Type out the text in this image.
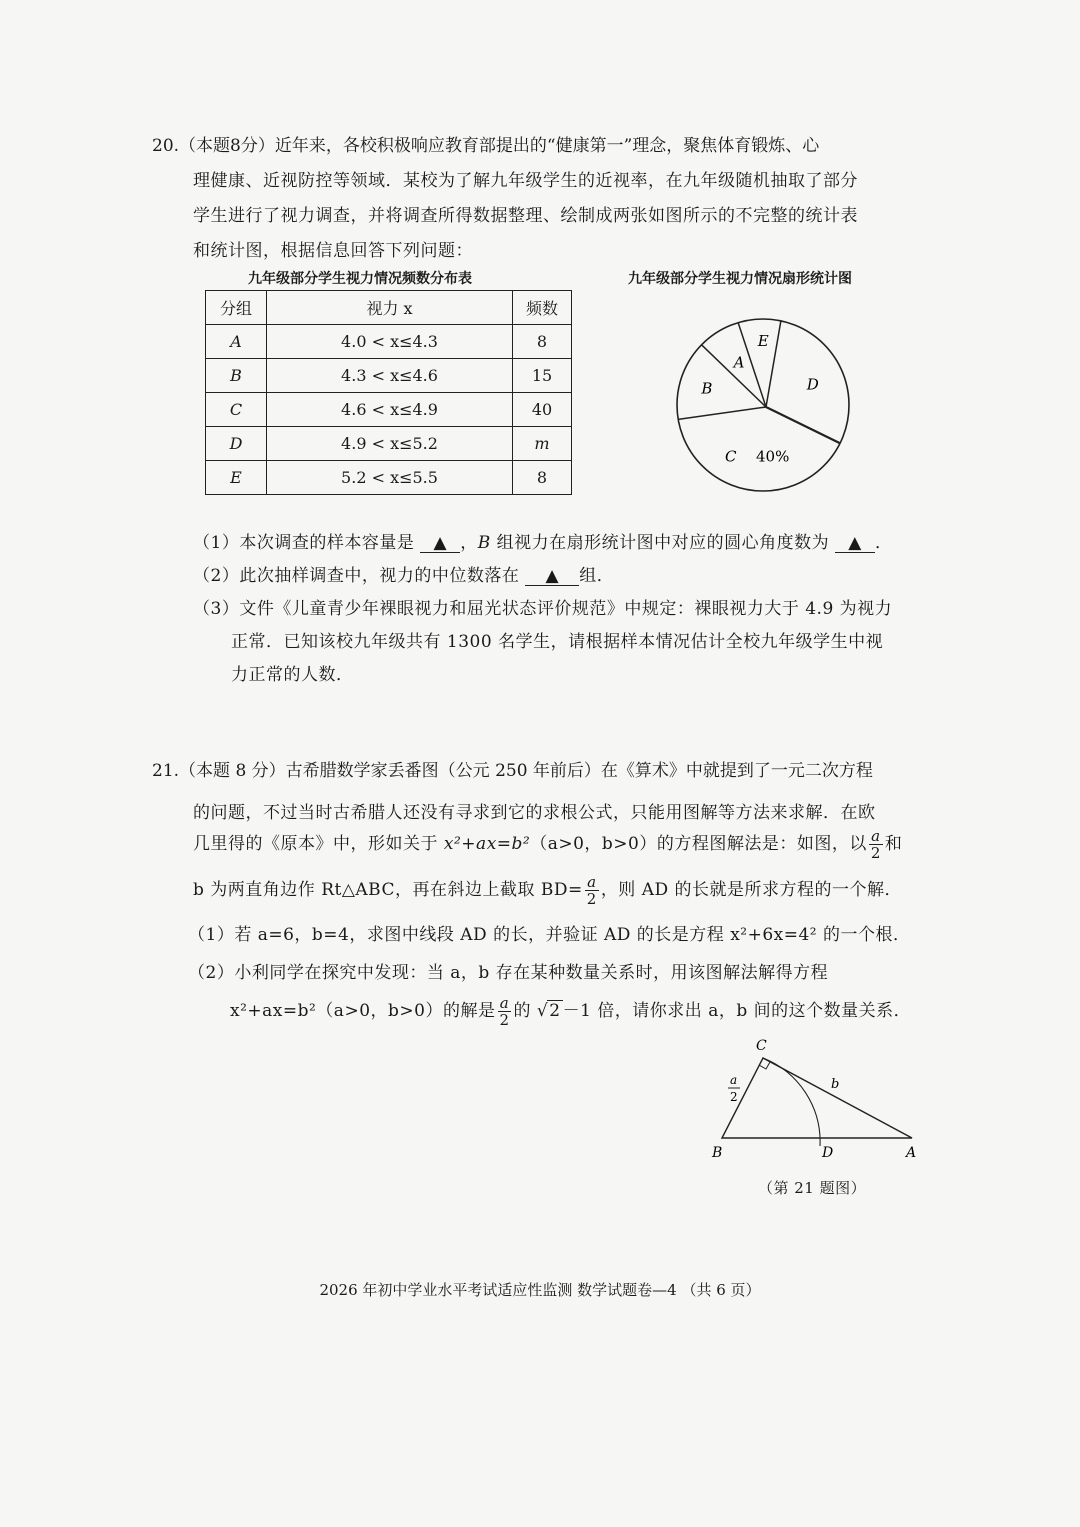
20.（本题8分）近年来，各校积极响应教育部提出的“健康第一”理念，聚焦体育锻炼、心
理健康、近视防控等领域．某校为了解九年级学生的近视率，在九年级随机抽取了部分
学生进行了视力调查，并将调查所得数据整理、绘制成两张如图所示的不完整的统计表
和统计图，根据信息回答下列问题：
九年级部分学生视力情况频数分布表	九年级部分学生视力情况扇形统计图
分组	视力 x	频数
A	4.0 < x≤4.3	8
B	4.3 < x≤4.6	15
C	4.6 < x≤4.9	40
D	4.9 < x≤5.2	m
E	5.2 < x≤5.5	8
D
C 40%
B
A
E
（1）本次调查的样本容量是 ▲ ，B 组视力在扇形统计图中对应的圆心角度数为 ▲ ．
（2）此次抽样调查中，视力的中位数落在 ▲ 组．
（3）文件《儿童青少年裸眼视力和屈光状态评价规范》中规定：裸眼视力大于 4.9 为视力
正常．已知该校九年级共有 1300 名学生，请根据样本情况估计全校九年级学生中视
力正常的人数．
21.（本题 8 分）古希腊数学家丢番图（公元 250 年前后）在《算术》中就提到了一元二次方程
的问题，不过当时古希腊人还没有寻求到它的求根公式，只能用图解等方法来求解．在欧
几里得的《原本》中，形如关于 x²+ax=b²（a>0，b>0）的方程图解法是：如图，以 $\frac{a}{2}$ 和
b 为两直角边作 Rt△ABC，再在斜边上截取 $BD= \frac{a}{2}$ ，则 AD 的长就是所求方程的一个解．
（1）若 a=6，b=4，求图中线段 AD 的长，并验证 AD 的长是方程 x²+6x=4² 的一个根．
（2）小利同学在探究中发现：当 a，b 存在某种数量关系时，用该图解法解得方程
x²+ax=b²（a>0，b>0）的解是 $\frac{a}{2}$ 的 √2 －1 倍，请你求出 a，b 间的这个数量关系．
C
B	D	A
b
a
2
（第 21 题图）
2026 年初中学业水平考试适应性监测 数学试题卷—4 （共 6 页）
